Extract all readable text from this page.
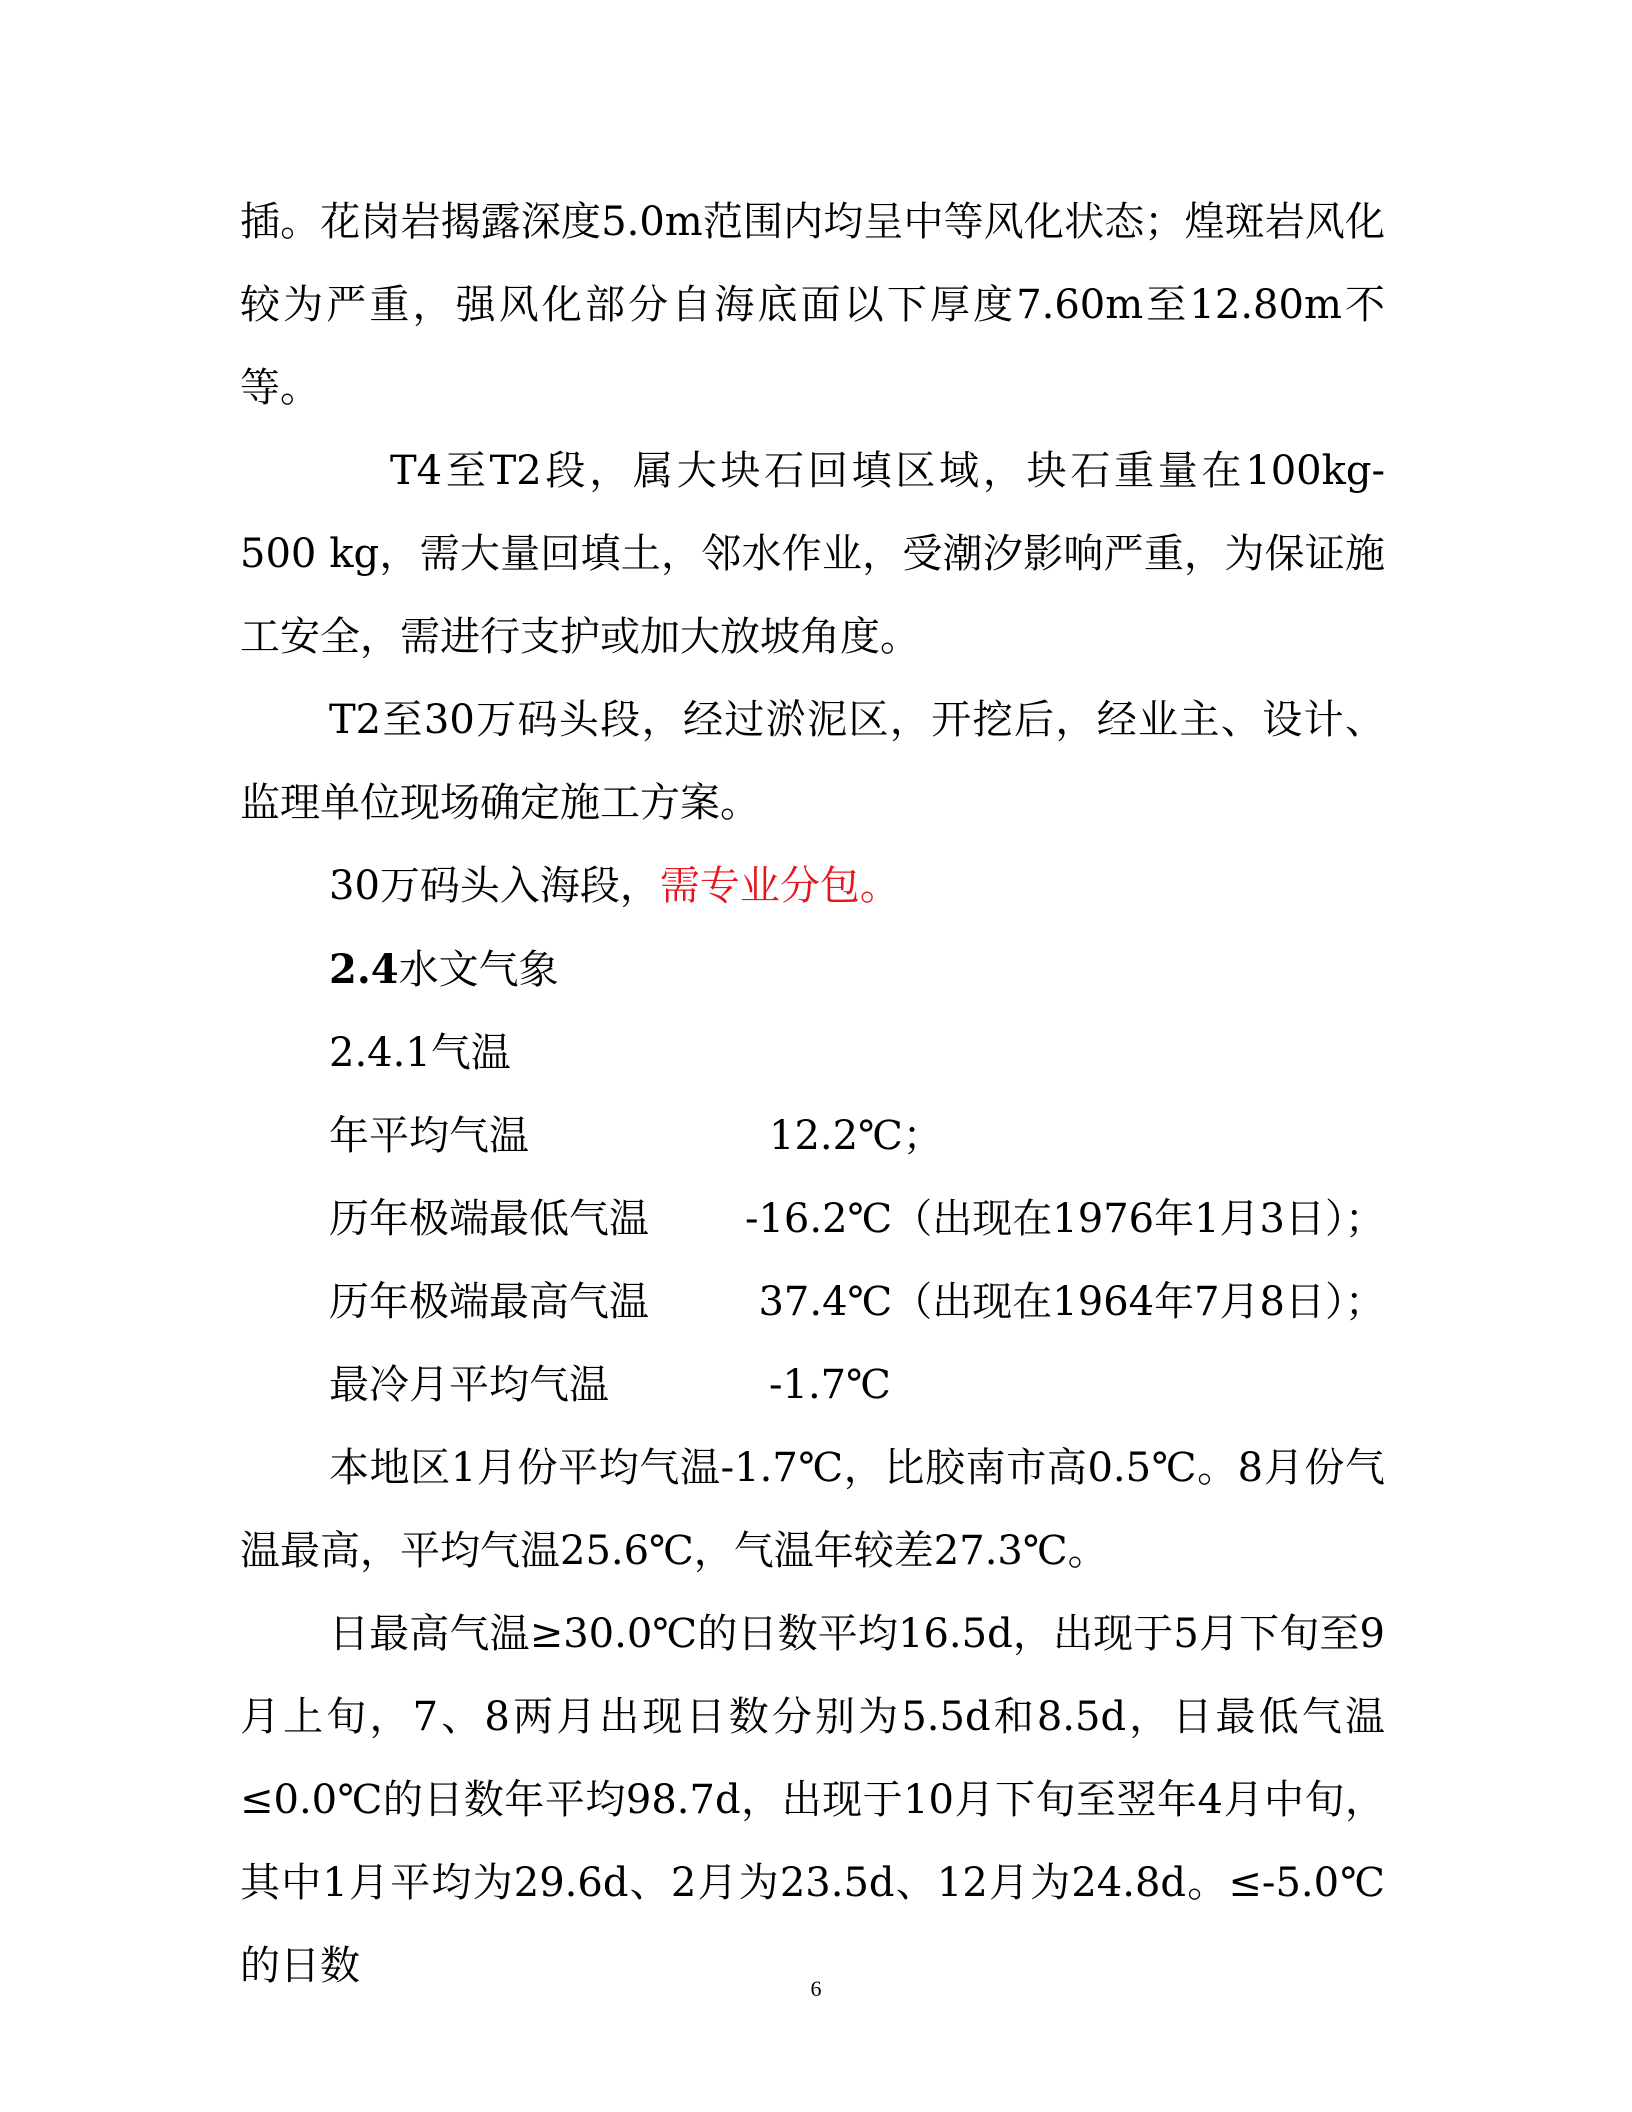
插。花岗岩揭露深度5.0m范围内均呈中等风化状态；煌斑岩风化较为严重，强风化部分自海底面以下厚度7.60m至12.80m不等。

T4至T2段，属大块石回填区域，块石重量在100kg-500 kg，需大量回填土，邻水作业，受潮汐影响严重，为保证施工安全，需进行支护或加大放坡角度。

T2至30万码头段，经过淤泥区，开挖后，经业主、设计、监理单位现场确定施工方案。

30万码头入海段，需专业分包。

2.4水文气象

2.4.1气温

年平均气温	12.2℃；

历年极端最低气温	-16.2℃（出现在1976年1月3日）；

历年极端最高气温	37.4℃（出现在1964年7月8日）；

最冷月平均气温	-1.7℃

本地区1月份平均气温-1.7℃，比胶南市高0.5℃。8月份气温最高，平均气温25.6℃，气温年较差27.3℃。

日最高气温≥30.0℃的日数平均16.5d，出现于5月下旬至9月上旬，7、8两月出现日数分别为5.5d和8.5d，日最低气温≤0.0℃的日数年平均98.7d，出现于10月下旬至翌年4月中旬，其中1月平均为29.6d、2月为23.5d、12月为24.8d。≤-5.0℃的日数	6
